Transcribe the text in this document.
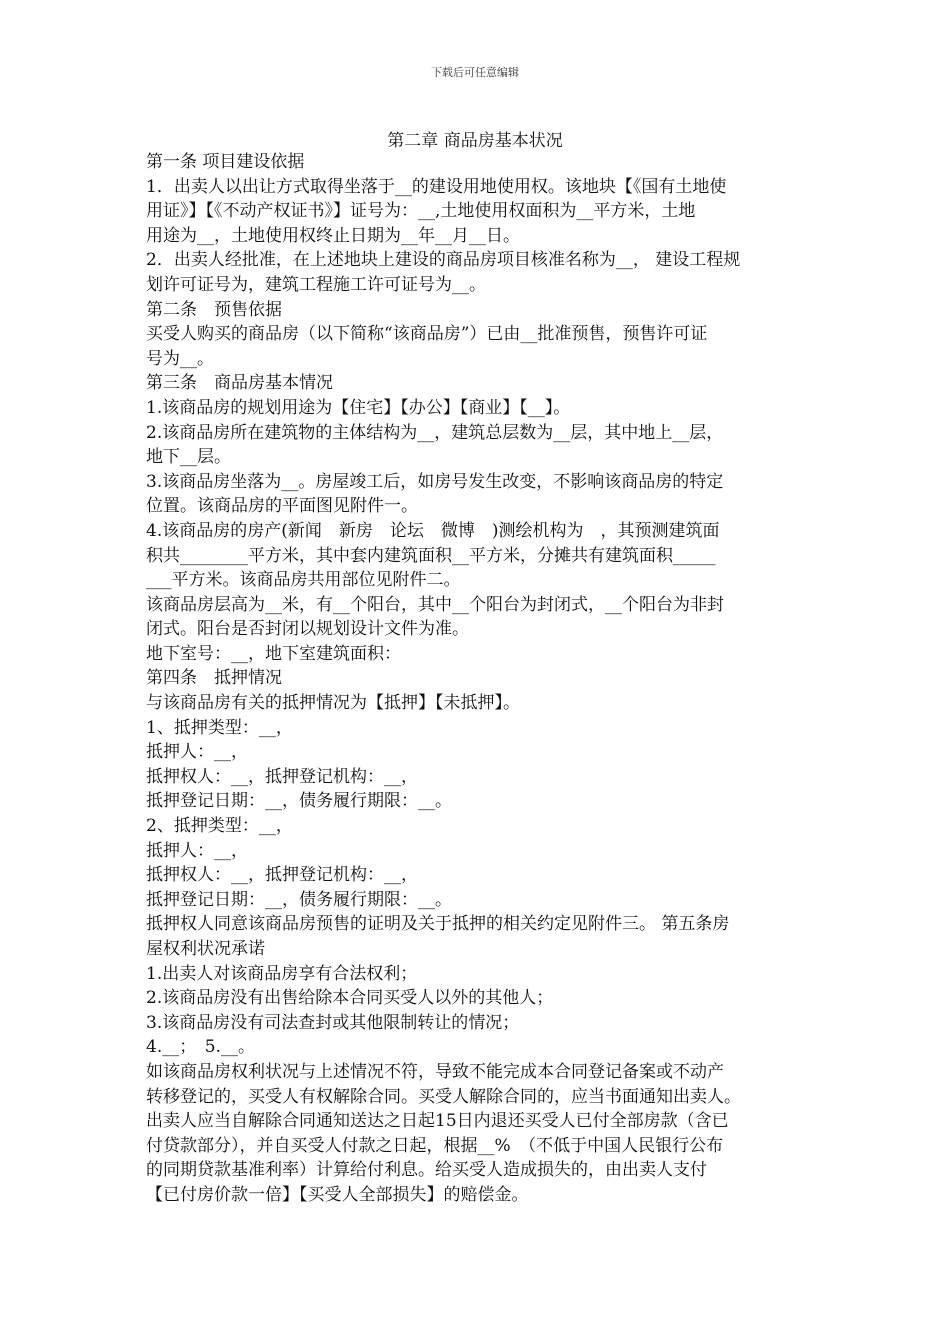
下载后可任意编辑
第二章 商品房基本状况
第一条 项目建设依据
1．出卖人以出让方式取得坐落于__的建设用地使用权。该地块【《国有土地使
用证》】【《不动产权证书》】证号为：__,土地使用权面积为__平方米，土地
用途为__，土地使用权终止日期为__年__月__日。
2．出卖人经批准，在上述地块上建设的商品房项目核准名称为__， 建设工程规
划许可证号为，建筑工程施工许可证号为__。
第二条　预售依据
买受人购买的商品房（以下简称“该商品房”）已由__批准预售，预售许可证
号为__。
第三条　商品房基本情况
1.该商品房的规划用途为【住宅】【办公】【商业】【__】。
2.该商品房所在建筑物的主体结构为__，建筑总层数为__层，其中地上__层，
地下__层。
3.该商品房坐落为__。房屋竣工后，如房号发生改变，不影响该商品房的特定
位置。该商品房的平面图见附件一。
4.该商品房的房产(新闻　新房　论坛　微博　)测绘机构为　，其预测建筑面
积共________平方米，其中套内建筑面积__平方米，分摊共有建筑面积_____
___平方米。该商品房共用部位见附件二。
该商品房层高为__米，有__个阳台，其中__个阳台为封闭式，__个阳台为非封
闭式。阳台是否封闭以规划设计文件为准。
地下室号：__，地下室建筑面积：
第四条　抵押情况
与该商品房有关的抵押情况为【抵押】【未抵押】。
1、抵押类型：__，
抵押人：__，
抵押权人：__，抵押登记机构：__，
抵押登记日期：__，债务履行期限：__。
2、抵押类型：__，
抵押人：__，
抵押权人：__，抵押登记机构：__，
抵押登记日期：__，债务履行期限：__。
抵押权人同意该商品房预售的证明及关于抵押的相关约定见附件三。 第五条房
屋权利状况承诺
1.出卖人对该商品房享有合法权利；
2.该商品房没有出售给除本合同买受人以外的其他人；
3.该商品房没有司法查封或其他限制转让的情况；
4.__；　5.__。
如该商品房权利状况与上述情况不符，导致不能完成本合同登记备案或不动产
转移登记的，买受人有权解除合同。买受人解除合同的，应当书面通知出卖人。
出卖人应当自解除合同通知送达之日起15日内退还买受人已付全部房款（含已
付贷款部分），并自买受人付款之日起，根据__%　（不低于中国人民银行公布
的同期贷款基准利率）计算给付利息。给买受人造成损失的，由出卖人支付
【已付房价款一倍】【买受人全部损失】的赔偿金。
